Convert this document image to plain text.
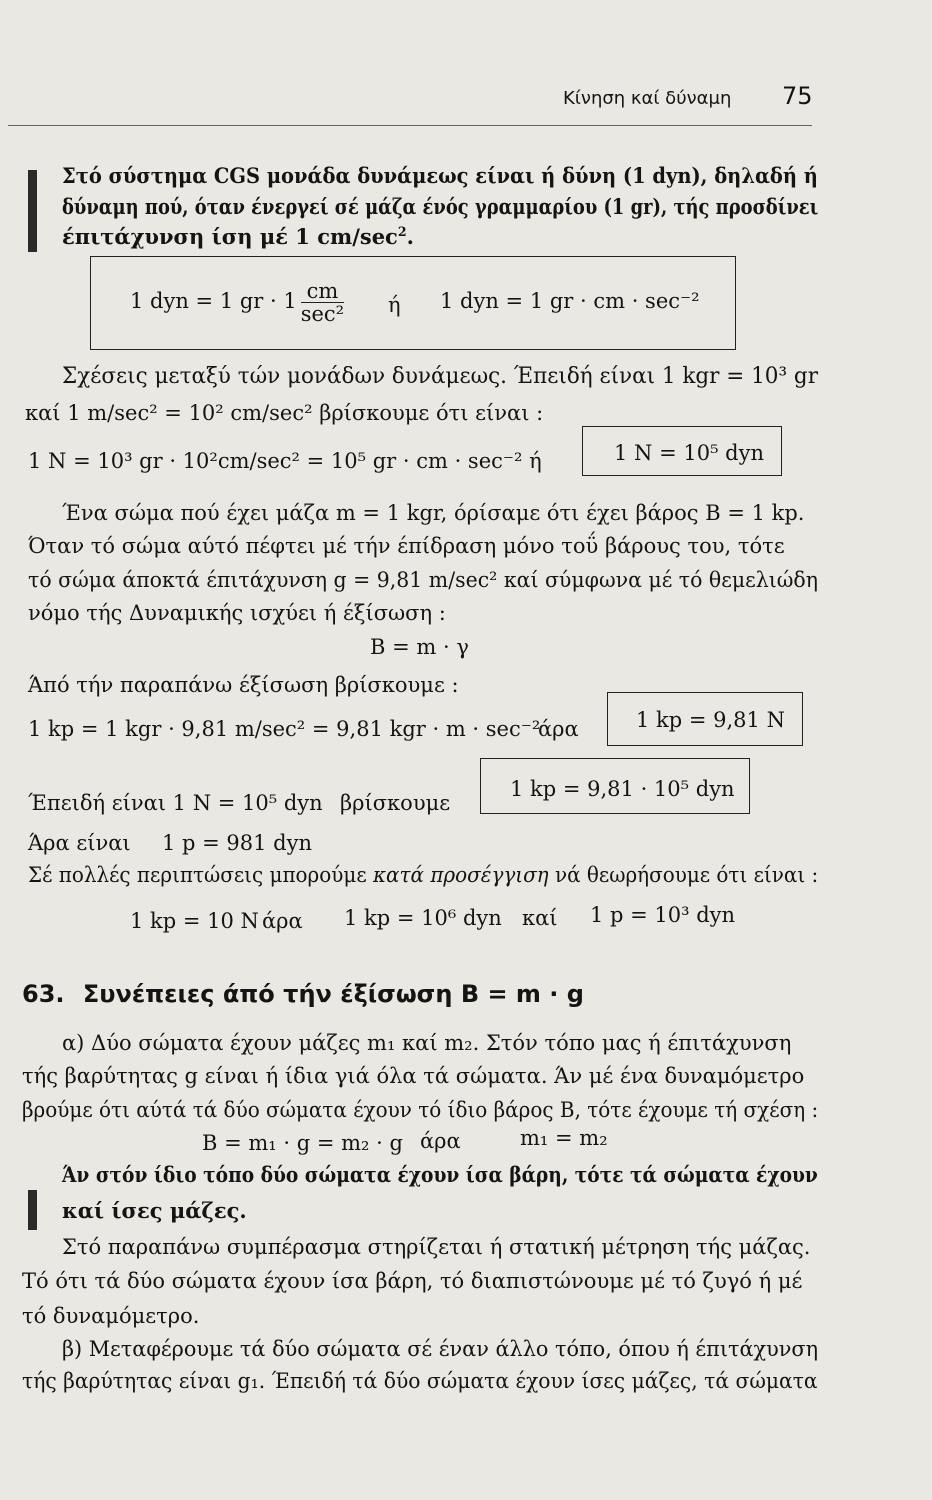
Κίνηση καί δύναμη 75
Στό σύστημα CGS μονάδα δυνάμεως είναι ή δύνη (1 dyn), δηλαδή ή
δύναμη πού, όταν ένεργεί σέ μάζα ένός γραμμαρίου (1 gr), τής προσδίνει
έπιτάχυνση ίση μέ 1 $cm/\sec^2$.
1 dyn = 1 gr · $1 \frac{cm}{\text{sec²}}$ ή 1 dyn = 1 gr · cm · sec⁻²
Σχέσεις μεταξύ τών μονάδων δυνάμεως. Έπειδή είναι 1 kgr = 10³ gr
καί 1 m/sec² = 10² cm/sec² βρίσκουμε ότι είναι :
1 N = 10³ gr · 10²cm/sec² = 10⁵ gr · cm · sec⁻² ή	1 N = 10⁵ dyn
Ένα σώμα πού έχει μάζα m = 1 kgr, όρίσαμε ότι έχει βάρος B = 1 kp.
Όταν τό σώμα αύτό πέφτει μέ τήν έπίδραση μόνο τοΰ βάρους του, τότε
τό σώμα άποκτά έπιτάχυνση g = 9,81 m/sec² καί σύμφωνα μέ τό θεμελιώδη
νόμο τής Δυναμικής ισχύει ή έξίσωση :
B = m · γ
Άπό τήν παραπάνω έξίσωση βρίσκουμε :
1 kp = 1 kgr · 9,81 m/sec² = 9,81 kgr · m · sec⁻²
άρα	1 kp = 9,81 N
Έπειδή είναι 1 N = 10⁵ dyn βρίσκουμε
1 kp = 9,81 · 10⁵ dyn
Άρα είναι 1 p = 981 dyn
Σέ πολλές περιπτώσεις μπορούμε κατά προσέγγιση νά θεωρήσουμε ότι είναι :
1 kp = 10 N άρα 1 kp = 10⁶ dyn καί 1 p = 10³ dyn
63. Συνέπειες άπό τήν έξίσωση B = m · g
α) Δύο σώματα έχουν μάζες m₁ καί m₂. Στόν τόπο μας ή έπιτάχυνση
τής βαρύτητας g είναι ή ίδια γιά όλα τά σώματα. Άν μέ ένα δυναμόμετρο
βρούμε ότι αύτά τά δύο σώματα έχουν τό ίδιο βάρος B, τότε έχουμε τή σχέση :
B = m₁ · g = m₂ · g άρα	m₁ = m₂
Άν στόν ίδιο τόπο δύο σώματα έχουν ίσα βάρη, τότε τά σώματα έχουν
καί ίσες μάζες.
Στό παραπάνω συμπέρασμα στηρίζεται ή στατική μέτρηση τής μάζας.
Τό ότι τά δύο σώματα έχουν ίσα βάρη, τό διαπιστώνουμε μέ τό ζυγό ή μέ
τό δυναμόμετρο.
β) Μεταφέρουμε τά δύο σώματα σέ έναν άλλο τόπο, όπου ή έπιτάχυνση
τής βαρύτητας είναι g₁. Έπειδή τά δύο σώματα έχουν ίσες μάζες, τά σώματα
